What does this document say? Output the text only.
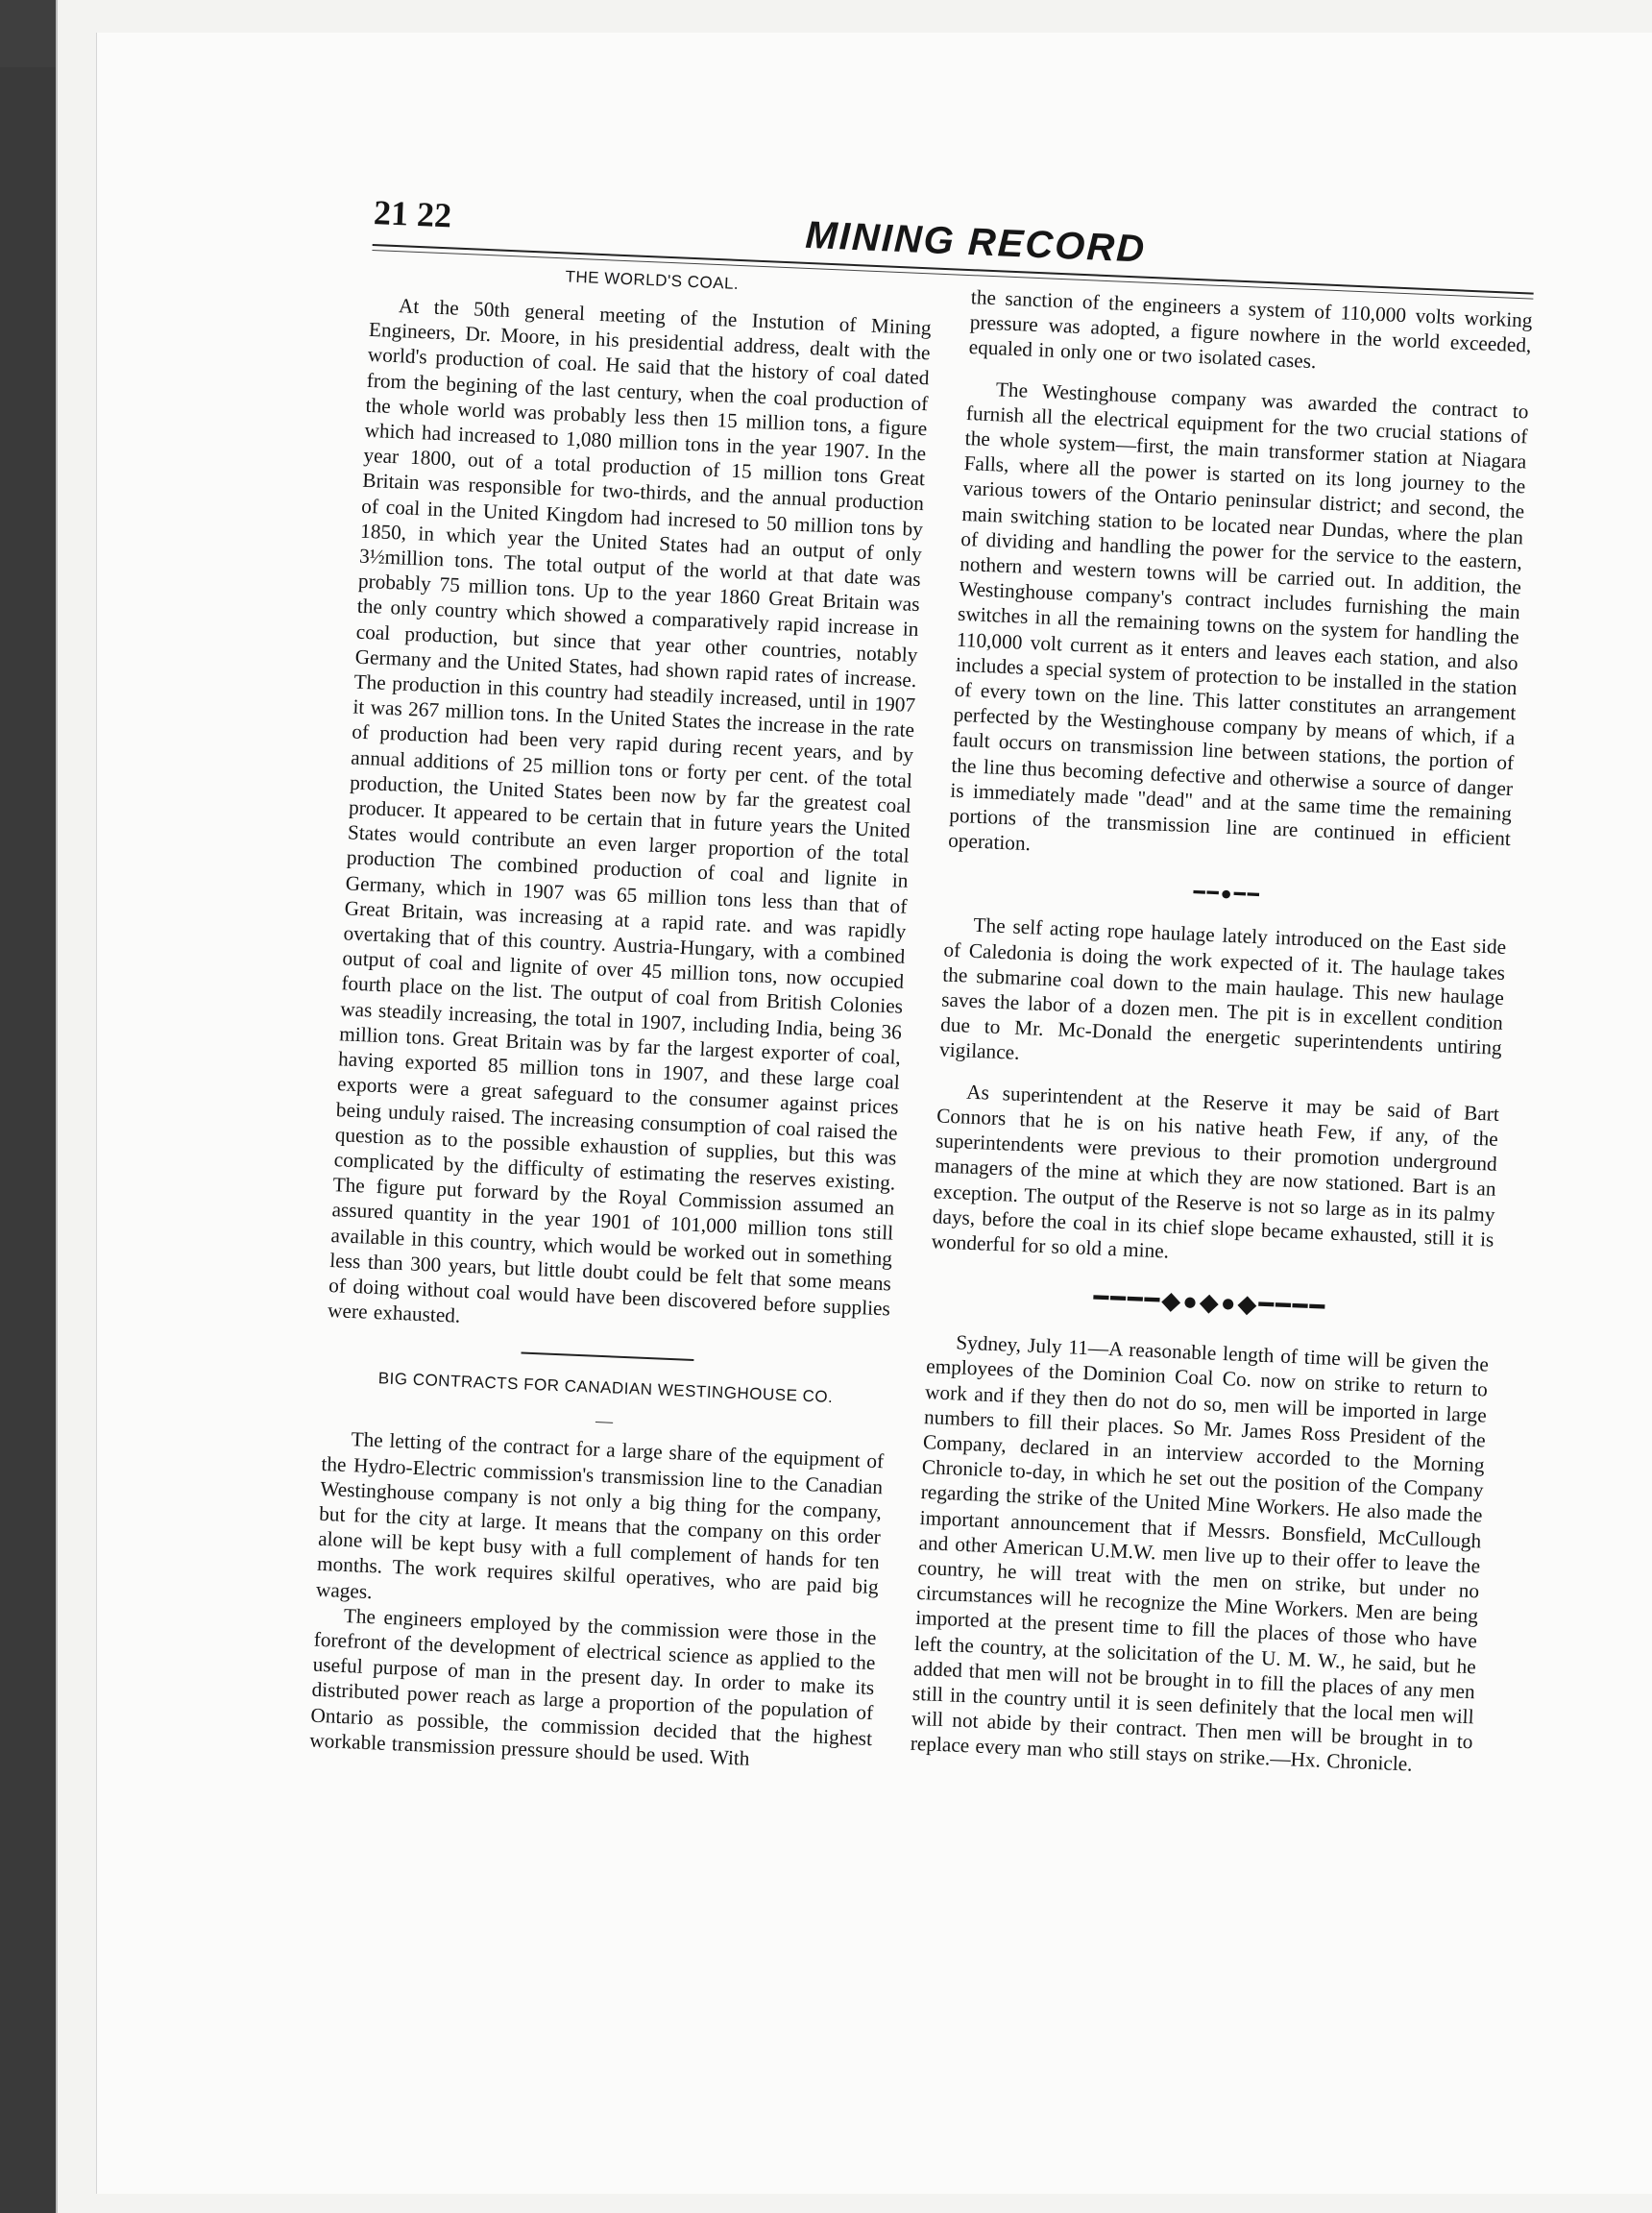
21 22
MINING RECORD
THE WORLD'S COAL.

At the 50th general meeting of the Instution of Mining Engineers, Dr. Moore, in his presidential address, dealt with the world's production of coal. He said that the history of coal dated from the begining of the last century, when the coal production of the whole world was probably less then 15 million tons, a figure which had increased to 1,080 million tons in the year 1907. In the year 1800, out of a total production of 15 million tons Great Britain was responsible for two-thirds, and the annual production of coal in the United Kingdom had incresed to 50 million tons by 1850, in which year the United States had an output of only 3½million tons. The total output of the world at that date was probably 75 million tons. Up to the year 1860 Great Britain was the only country which showed a comparatively rapid increase in coal production, but since that year other countries, notably Germany and the United States, had shown rapid rates of increase. The production in this country had steadily increased, until in 1907 it was 267 million tons. In the United States the increase in the rate of production had been very rapid during recent years, and by annual additions of 25 million tons or forty per cent. of the total production, the United States been now by far the greatest coal producer. It appeared to be certain that in future years the United States would contribute an even larger proportion of the total production The combined production of coal and lignite in Germany, which in 1907 was 65 million tons less than that of Great Britain, was increasing at a rapid rate. and was rapidly overtaking that of this country. Austria-Hungary, with a combined output of coal and lignite of over 45 million tons, now occupied fourth place on the list. The output of coal from British Colonies was steadily increasing, the total in 1907, including India, being 36 million tons. Great Britain was by far the largest exporter of coal, having exported 85 million tons in 1907, and these large coal exports were a great safeguard to the consumer against prices being unduly raised. The increasing consumption of coal raised the question as to the possible exhaustion of supplies, but this was complicated by the difficulty of estimating the reserves existing. The figure put forward by the Royal Commission assumed an assured quantity in the year 1901 of 101,000 million tons still available in this country, which would be worked out in something less than 300 years, but little doubt could be felt that some means of doing without coal would have been discovered before supplies were exhausted.

BIG CONTRACTS FOR CANADIAN WESTINGHOUSE CO.
—

The letting of the contract for a large share of the equipment of the Hydro-Electric commission's transmission line to the Canadian Westinghouse company is not only a big thing for the company, but for the city at large. It means that the company on this order alone will be kept busy with a full complement of hands for ten months. The work requires skilful operatives, who are paid big wages.

The engineers employed by the commission were those in the forefront of the development of electrical science as applied to the useful purpose of man in the present day. In order to make its distributed power reach as large a proportion of the population of Ontario as possible, the commission decided that the highest workable transmission pressure should be used. With

the sanction of the engineers a system of 110,000 volts working pressure was adopted, a figure nowhere in the world exceeded, equaled in only one or two isolated cases.

The Westinghouse company was awarded the contract to furnish all the electrical equipment for the two crucial stations of the whole system—first, the main transformer station at Niagara Falls, where all the power is started on its long journey to the various towers of the Ontario peninsular district; and second, the main switching station to be located near Dundas, where the plan of dividing and handling the power for the service to the eastern, nothern and western towns will be carried out. In addition, the Westinghouse company's contract includes furnishing the main switches in all the remaining towns on the system for handling the 110,000 volt current as it enters and leaves each station, and also includes a special system of protection to be installed in the station of every town on the line. This latter constitutes an arrangement perfected by the Westinghouse company by means of which, if a fault occurs on transmission line between stations, the portion of the line thus becoming defective and otherwise a source of danger is immediately made "dead" and at the same time the remaining portions of the transmission line are continued in efficient operation.

━━●━━

The self acting rope haulage lately introduced on the East side of Caledonia is doing the work expected of it. The haulage takes the submarine coal down to the main haulage. This new haulage saves the labor of a dozen men. The pit is in excellent condition due to Mr. Mc-Donald the energetic superintendents untiring vigilance.

As superintendent at the Reserve it may be said of Bart Connors that he is on his native heath Few, if any, of the superintendents were previous to their promotion underground managers of the mine at which they are now stationed. Bart is an exception. The output of the Reserve is not so large as in its palmy days, before the coal in its chief slope became exhausted, still it is wonderful for so old a mine.

━━━━◆●◆●◆━━━━

Sydney, July 11—A reasonable length of time will be given the employees of the Dominion Coal Co. now on strike to return to work and if they then do not do so, men will be imported in large numbers to fill their places. So Mr. James Ross President of the Company, declared in an interview accorded to the Morning Chronicle to-day, in which he set out the position of the Company regarding the strike of the United Mine Workers. He also made the important announcement that if Messrs. Bonsfield, McCullough and other American U.M.W. men live up to their offer to leave the country, he will treat with the men on strike, but under no circumstances will he recognize the Mine Workers. Men are being imported at the present time to fill the places of those who have left the country, at the solicitation of the U. M. W., he said, but he added that men will not be brought in to fill the places of any men still in the country until it is seen definitely that the local men will will not abide by their contract. Then men will be brought in to replace every man who still stays on strike.—Hx. Chronicle.
